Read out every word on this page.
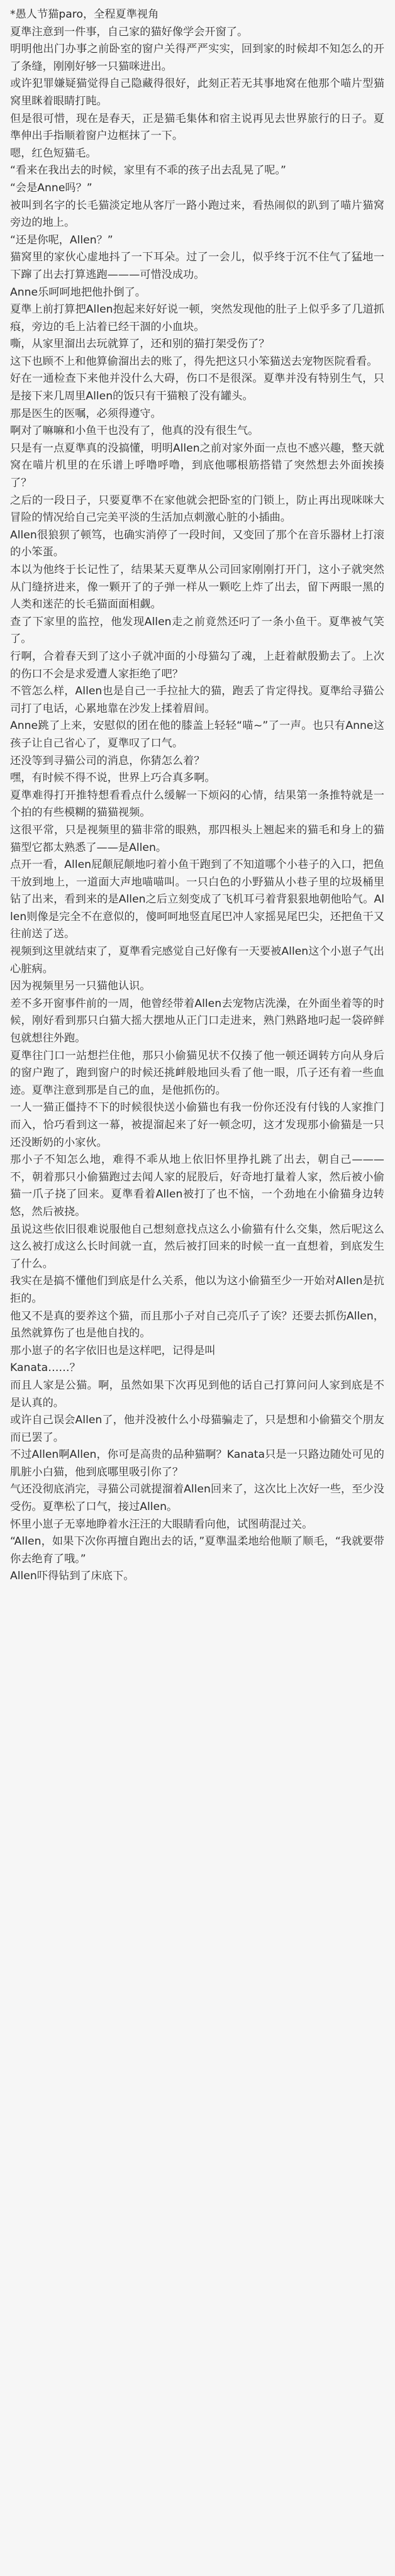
*愚人节猫paro，全程夏準视角

夏準注意到一件事，自己家的猫好像学会开窗了。

明明他出门办事之前卧室的窗户关得严严实实，回到家的时候却不知怎么的开了条缝，刚刚好够一只猫咪进出。

或许犯罪嫌疑猫觉得自己隐藏得很好，此刻正若无其事地窝在他那个喵片型猫窝里眯着眼睛打盹。

但是很可惜，现在是春天，正是猫毛集体和宿主说再见去世界旅行的日子。夏準伸出手指顺着窗户边框抹了一下。

嗯，红色短猫毛。

“看来在我出去的时候，家里有不乖的孩子出去乱晃了呢。”

“会是Anne吗？”

被叫到名字的长毛猫淡定地从客厅一路小跑过来，看热闹似的趴到了喵片猫窝旁边的地上。

“还是你呢，Allen？”

猫窝里的家伙心虚地抖了一下耳朵。过了一会儿，似乎终于沉不住气了猛地一下蹿了出去打算逃跑———可惜没成功。

Anne乐呵呵地把他扑倒了。

夏準上前打算把Allen抱起来好好说一顿，突然发现他的肚子上似乎多了几道抓痕，旁边的毛上沾着已经干涸的小血块。

嘶，从家里溜出去玩就算了，还和别的猫打架受伤了？

这下也顾不上和他算偷溜出去的账了，得先把这只小笨猫送去宠物医院看看。

好在一通检查下来他并没什么大碍，伤口不是很深。夏準并没有特别生气，只是接下来几周里Allen的饭只有干猫粮了没有罐头。

那是医生的医嘱，必须得遵守。

啊对了嘛嘛和小鱼干也没有了，他真的没有很生气。

只是有一点夏準真的没搞懂，明明Allen之前对家外面一点也不感兴趣，整天就窝在喵片机里的在乐谱上呼噜呼噜，到底他哪根筋搭错了突然想去外面挨揍了？

之后的一段日子，只要夏準不在家他就会把卧室的门锁上，防止再出现咪咪大冒险的情况给自己完美平淡的生活加点刺激心脏的小插曲。

Allen很狼狈了顿笃，也确实消停了一段时间，又变回了那个在音乐器材上打滚的小笨蛋。

本以为他终于长记性了，结果某天夏準从公司回家刚刚打开门，这小子就突然从门缝挤进来，像一颗开了的子弹一样从一颗吃上炸了出去，留下两眼一黑的人类和迷茫的长毛猫面面相觑。

查了下家里的监控，他发现Allen走之前竟然还叼了一条小鱼干。夏準被气笑了。

行啊，合着春天到了这小子就冲面的小母猫勾了魂，上赶着献殷勤去了。上次的伤口不会是求爱遭人家拒绝了吧？

不管怎么样，Allen也是自己一手拉扯大的猫，跑丢了肯定得找。夏準给寻猫公司打了电话，心累地靠在沙发上揉着眉间。

Anne跳了上来，安慰似的团在他的膝盖上轻轻“喵~”了一声。也只有Anne这孩子让自己省心了，夏準叹了口气。

还没等到寻猫公司的消息，你猜怎么着？

嘿，有时候不得不说，世界上巧合真多啊。

夏準难得打开推特想看看点什么缓解一下烦闷的心情，结果第一条推特就是一个拍的有些模糊的猫猫视频。

这很平常，只是视频里的猫非常的眼熟，那四根头上翘起来的猫毛和身上的猫猫型它都太熟悉了——是Allen。

点开一看，Allen屁颠屁颠地叼着小鱼干跑到了不知道哪个小巷子的入口，把鱼干放到地上，一道面大声地喵喵叫。一只白色的小野猫从小巷子里的垃圾桶里钻了出来，看到来的是Allen之后立刻变成了飞机耳弓着背狠狠地朝他哈气。Allen则像是完全不在意似的，傻呵呵地竖直尾巴冲人家摇晃尾巴尖，还把鱼干又往前送了送。

视频到这里就结束了，夏準看完感觉自己好像有一天要被Allen这个小崽子气出心脏病。

因为视频里另一只猫他认识。

差不多开窗事件前的一周，他曾经带着Allen去宠物店洗澡，在外面坐着等的时候，刚好看到那只白猫大摇大摆地从正门口走进来，熟门熟路地叼起一袋碎鲜包就想往外跑。

夏準往门口一站想拦住他，那只小偷猫见状不仅揍了他一顿还调转方向从身后的窗户跑了，跑到窗户的时候还挑衅般地回头看了他一眼，爪子还有着一些血迹。夏準注意到那是自己的血，是他抓伤的。

一人一猫正僵持不下的时候很快送小偷猫也有我一份你还没有付钱的人家推门而入，恰巧看到这一幕，被提溜起来了好一顿念叨，这才发现那小偷猫是一只还没断奶的小家伙。

那小子不知怎么地，难得不乖从地上依旧怀里挣扎跳了出去，朝自己———不，朝着那只小偷猫跑过去闻人家的屁股后，好奇地打量着人家，然后被小偷猫一爪子挠了回来。夏準看着Allen被打了也不恼，一个劲地在小偷猫身边转悠，然后被挠。

虽说这些依旧很难说服他自己想刻意找点这么小偷猫有什么交集，然后呢这么这么被打成这么长时间就一直，然后被打回来的时候一直一直想着，到底发生了什么。

我实在是搞不懂他们到底是什么关系，他以为这小偷猫至少一开始对Allen是抗拒的。

他又不是真的要养这个猫，而且那小子对自己亮爪子了诶？还要去抓伤Allen，虽然就算伤了也是他自找的。

那小崽子的名字依旧也是这样吧，记得是叫

Kanata……？

而且人家是公猫。啊，虽然如果下次再见到他的话自己打算问问人家到底是不是认真的。

或许自己误会Allen了，他并没被什么小母猫骗走了，只是想和小偷猫交个朋友而已罢了。

不过Allen啊Allen，你可是高贵的品种猫啊？Kanata只是一只路边随处可见的肌脏小白猫，他到底哪里吸引你了？

气还没彻底消完，寻猫公司就提溜着Allen回来了，这次比上次好一些，至少没受伤。夏準松了口气，接过Allen。

怀里小崽子无辜地睁着水汪汪的大眼睛看向他，试图萌混过关。

“Allen，如果下次你再擅自跑出去的话，”夏準温柔地给他顺了顺毛，“我就要带你去绝育了哦。”

Allen吓得钻到了床底下。
